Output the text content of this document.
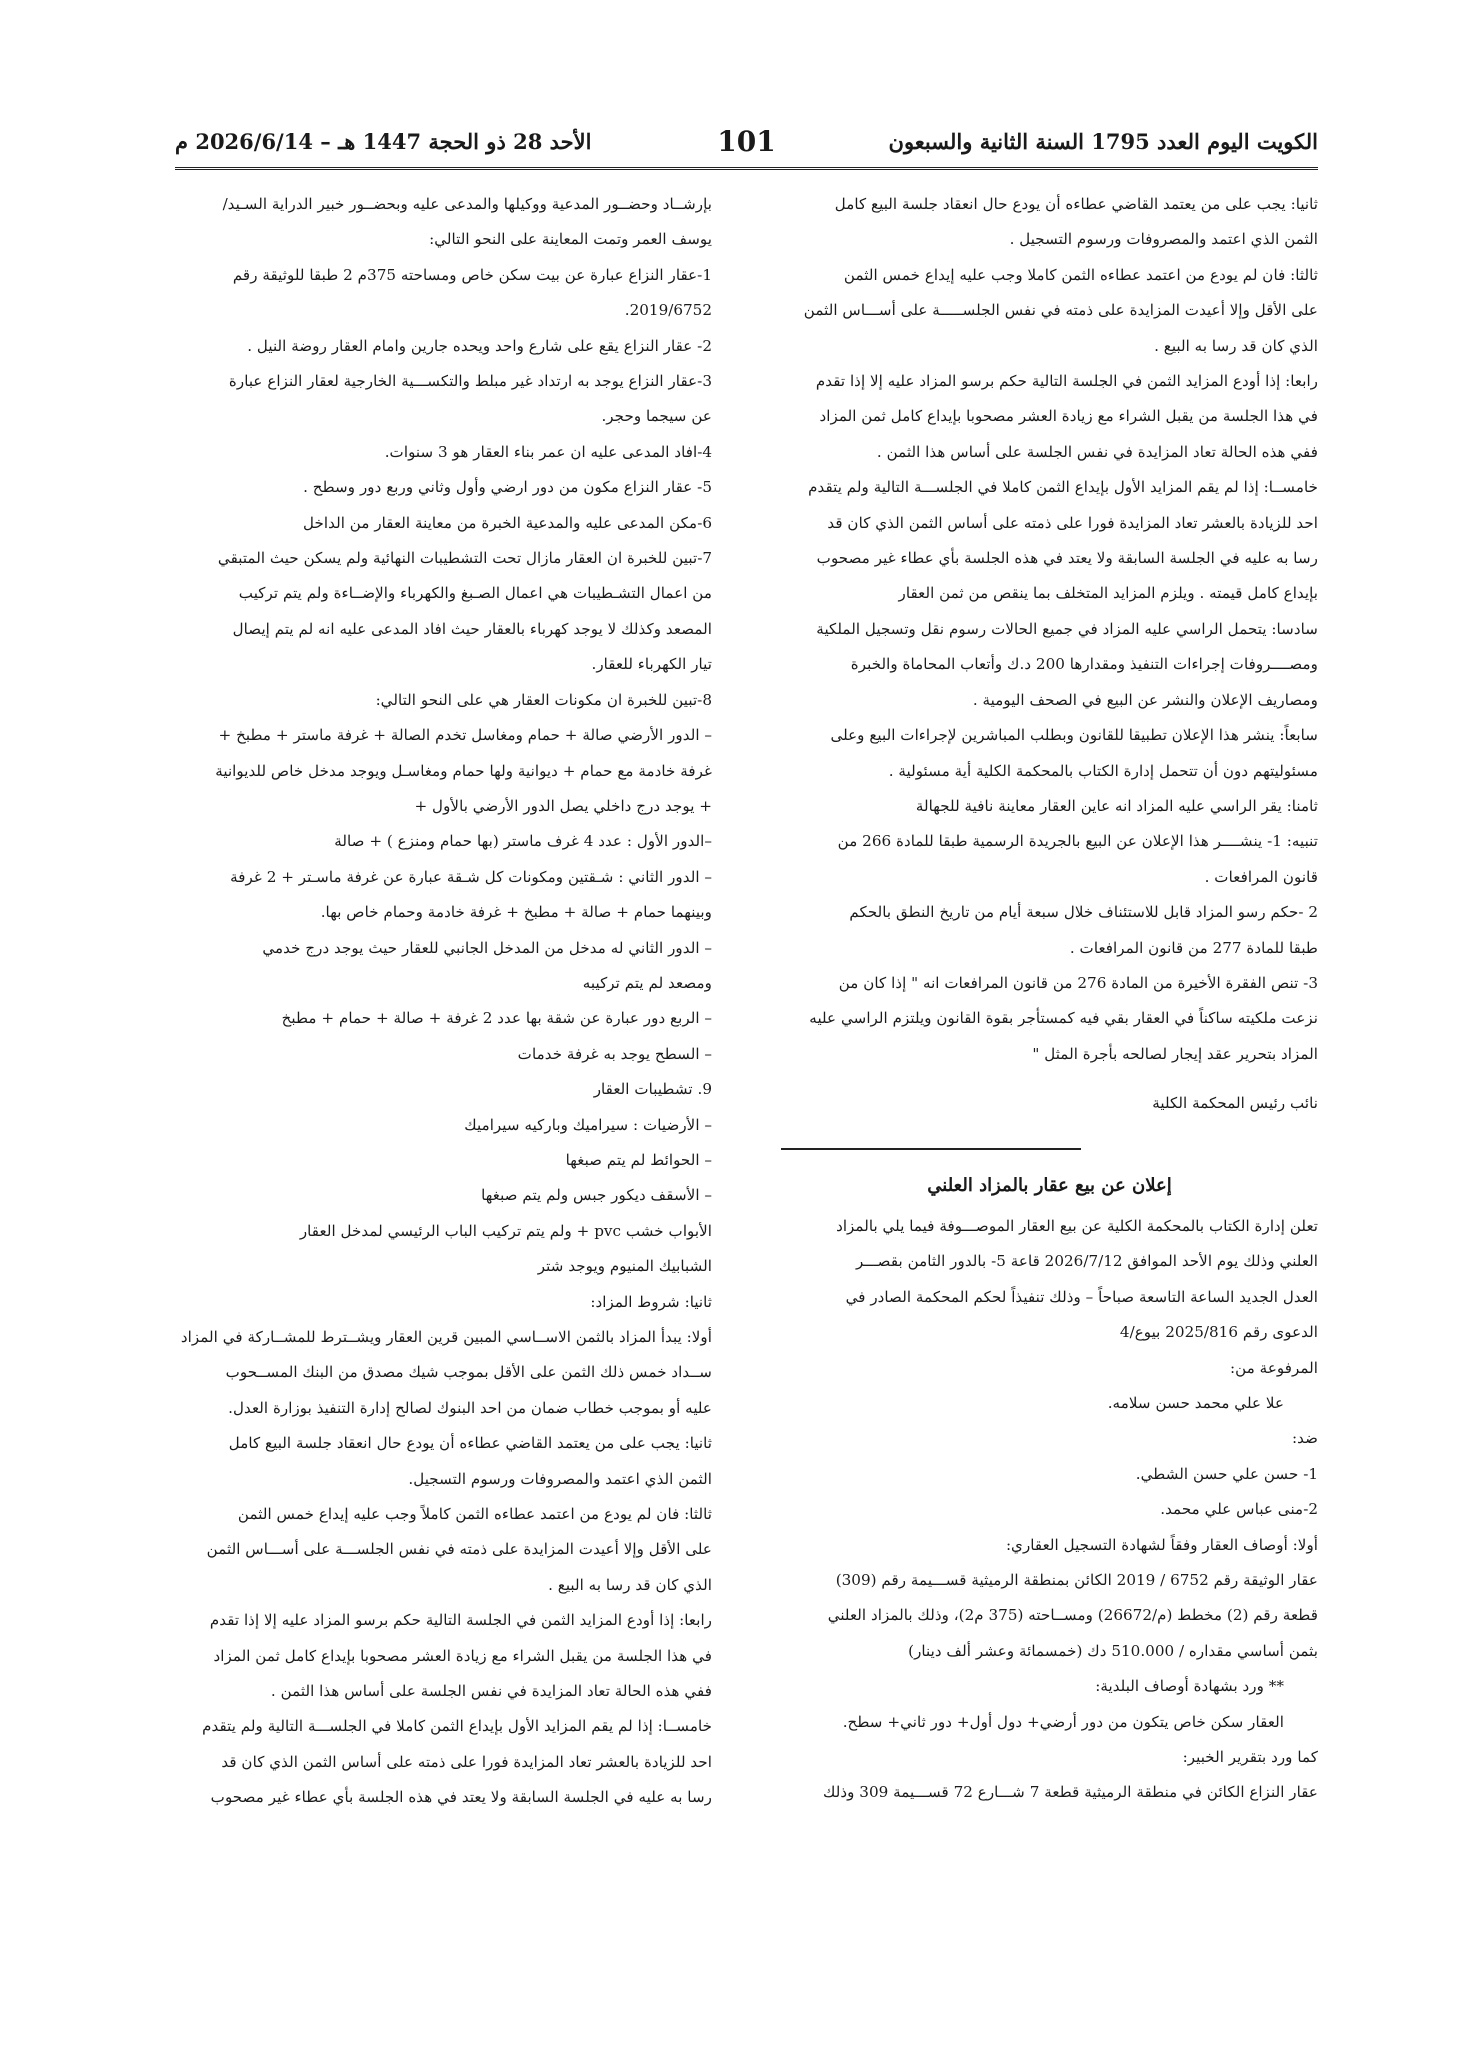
الكويت اليوم العدد 1795 السنة الثانية والسبعون
101
الأحد 28 ذو الحجة 1447 هـ – 2026/6/14 م

ثانيا: يجب على من يعتمد القاضي عطاءه أن يودع حال انعقاد جلسة البيع كامل

الثمن الذي اعتمد والمصروفات ورسوم التسجيل .

ثالثا: فان لم يودع من اعتمد عطاءه الثمن كاملا وجب عليه إيداع خمس الثمن

على الأقل وإلا أعيدت المزايدة على ذمته في نفس الجلســـــة على أســـاس الثمن

الذي كان قد رسا به البيع .

رابعا: إذا أودع المزايد الثمن في الجلسة التالية حكم برسو المزاد عليه إلا إذا تقدم

في هذا الجلسة من يقبل الشراء مع زيادة العشر مصحوبا بإيداع كامل ثمن المزاد

ففي هذه الحالة تعاد المزايدة في نفس الجلسة على أساس هذا الثمن .

خامســا: إذا لم يقم المزايد الأول بإيداع الثمن كاملا في الجلســـة التالية ولم يتقدم

احد للزيادة بالعشر تعاد المزايدة فورا على ذمته على أساس الثمن الذي كان قد

رسا به عليه في الجلسة السابقة ولا يعتد في هذه الجلسة بأي عطاء غير مصحوب

بإيداع كامل قيمته . ويلزم المزايد المتخلف بما ينقص من ثمن العقار

سادسا: يتحمل الراسي عليه المزاد في جميع الحالات رسوم نقل وتسجيل الملكية

ومصــــروفات إجراءات التنفيذ ومقدارها 200 د.ك وأتعاب المحاماة والخبرة

ومصاريف الإعلان والنشر عن البيع في الصحف اليومية .

سابعاً: ينشر هذا الإعلان تطبيقا للقانون وبطلب المباشرين لإجراءات البيع وعلى

مسئوليتهم دون أن تتحمل إدارة الكتاب بالمحكمة الكلية أية مسئولية .

ثامنا: يقر الراسي عليه المزاد انه عاين العقار معاينة نافية للجهالة

تنبيه: 1- ينشــــر هذا الإعلان عن البيع بالجريدة الرسمية طبقا للمادة 266 من

قانون المرافعات .

2 -حكم رسو المزاد قابل للاستئناف خلال سبعة أيام من تاريخ النطق بالحكم

طبقا للمادة 277 من قانون المرافعات .

3- تنص الفقرة الأخيرة من المادة 276 من قانون المرافعات انه " إذا كان من

نزعت ملكيته ساكناً في العقار بقي فيه كمستأجر بقوة القانون ويلتزم الراسي عليه

المزاد بتحرير عقد إيجار لصالحه بأجرة المثل "

نائب رئيس المحكمة الكلية

إعلان عن بيع عقار بالمزاد العلني

تعلن إدارة الكتاب بالمحكمة الكلية عن بيع العقار الموصـــوفة فيما يلي بالمزاد

العلني وذلك يوم الأحد الموافق 2026/7/12 قاعة 5- بالدور الثامن بقصـــر

العدل الجديد الساعة التاسعة صباحاً – وذلك تنفيذاً لحكم المحكمة الصادر في

الدعوى رقم 2025/816 بيوع/4

المرفوعة من:

علا علي محمد حسن سلامه.

ضد:

1- حسن علي حسن الشطي.

2-منى عباس علي محمد.

أولا: أوصاف العقار وفقاً لشهادة التسجيل العقاري:

عقار الوثيقة رقم 6752 / 2019 الكائن بمنطقة الرميثية قســـيمة رقم (309)

قطعة رقم (2) مخطط (م/26672) ومســاحته (375 م2)، وذلك بالمزاد العلني

بثمن أساسي مقداره / 510.000 دك (خمسمائة وعشر ألف دينار)

** ورد بشهادة أوصاف البلدية:

العقار سكن خاص يتكون من دور أرضي+ دول أول+ دور ثاني+ سطح.

كما ورد بتقرير الخبير:

عقار النزاع الكائن في منطقة الرميثية قطعة 7 شـــارع 72 قســـيمة 309 وذلك

بإرشــاد وحضــور المدعية ووكيلها والمدعى عليه وبحضــور خبير الدراية السـيد/

يوسف العمر وتمت المعاينة على النحو التالي:

1-عقار النزاع عبارة عن بيت سكن خاص ومساحته 375م 2 طبقا للوثيقة رقم

2019/6752.

2- عقار النزاع يقع على شارع واحد ويحده جارين وامام العقار روضة النيل .

3-عقار النزاع يوجد به ارتداد غير مبلط والتكســـية الخارجية لعقار النزاع عبارة

عن سيجما وحجر.

4-افاد المدعى عليه ان عمر بناء العقار هو 3 سنوات.

5- عقار النزاع مكون من دور ارضي وأول وثاني وربع دور وسطح .

6-مكن المدعى عليه والمدعية الخبرة من معاينة العقار من الداخل

7-تبين للخبرة ان العقار مازال تحت التشطيبات النهائية ولم يسكن حيث المتبقي

من اعمال التشـطيبات هي اعمال الصـبغ والكهرباء والإضــاءة ولم يتم تركيب

المصعد وكذلك لا يوجد كهرباء بالعقار حيث افاد المدعى عليه انه لم يتم إيصال

تيار الكهرباء للعقار.

8-تبين للخبرة ان مكونات العقار هي على النحو التالي:

– الدور الأرضي صالة + حمام ومغاسل تخدم الصالة + غرفة ماستر + مطبخ +

غرفة خادمة مع حمام + ديوانية ولها حمام ومغاسـل ويوجد مدخل خاص للديوانية

+ يوجد درج داخلي يصل الدور الأرضي بالأول +

–الدور الأول : عدد 4 غرف ماستر (بها حمام ومنزع ) + صالة

– الدور الثاني : شـقتين ومكونات كل شـقة عبارة عن غرفة ماسـتر + 2 غرفة

وبينهما حمام + صالة + مطبخ + غرفة خادمة وحمام خاص بها.

– الدور الثاني له مدخل من المدخل الجانبي للعقار حيث يوجد درج خدمي

ومصعد لم يتم تركيبه

– الربع دور عبارة عن شقة بها عدد 2 غرفة + صالة + حمام + مطبخ

– السطح يوجد به غرفة خدمات

9. تشطيبات العقار

– الأرضيات : سيراميك وباركيه سيراميك

– الحوائط لم يتم صبغها

– الأسقف ديكور جبس ولم يتم صبغها

الأبواب خشب pvc + ولم يتم تركيب الباب الرئيسي لمدخل العقار

الشبابيك المنيوم ويوجد شتر

ثانيا: شروط المزاد:

أولا: يبدأ المزاد بالثمن الاســاسي المبين قرين العقار ويشــترط للمشــاركة في المزاد

ســداد خمس ذلك الثمن على الأقل بموجب شيك مصدق من البنك المســحوب

عليه أو بموجب خطاب ضمان من احد البنوك لصالح إدارة التنفيذ بوزارة العدل.

ثانيا: يجب على من يعتمد القاضي عطاءه أن يودع حال انعقاد جلسة البيع كامل

الثمن الذي اعتمد والمصروفات ورسوم التسجيل.

ثالثا: فان لم يودع من اعتمد عطاءه الثمن كاملاً وجب عليه إيداع خمس الثمن

على الأقل وإلا أعيدت المزايدة على ذمته في نفس الجلســـة على أســـاس الثمن

الذي كان قد رسا به البيع .

رابعا: إذا أودع المزايد الثمن في الجلسة التالية حكم برسو المزاد عليه إلا إذا تقدم

في هذا الجلسة من يقبل الشراء مع زيادة العشر مصحوبا بإيداع كامل ثمن المزاد

ففي هذه الحالة تعاد المزايدة في نفس الجلسة على أساس هذا الثمن .

خامســا: إذا لم يقم المزايد الأول بإيداع الثمن كاملا في الجلســـة التالية ولم يتقدم

احد للزيادة بالعشر تعاد المزايدة فورا على ذمته على أساس الثمن الذي كان قد

رسا به عليه في الجلسة السابقة ولا يعتد في هذه الجلسة بأي عطاء غير مصحوب
